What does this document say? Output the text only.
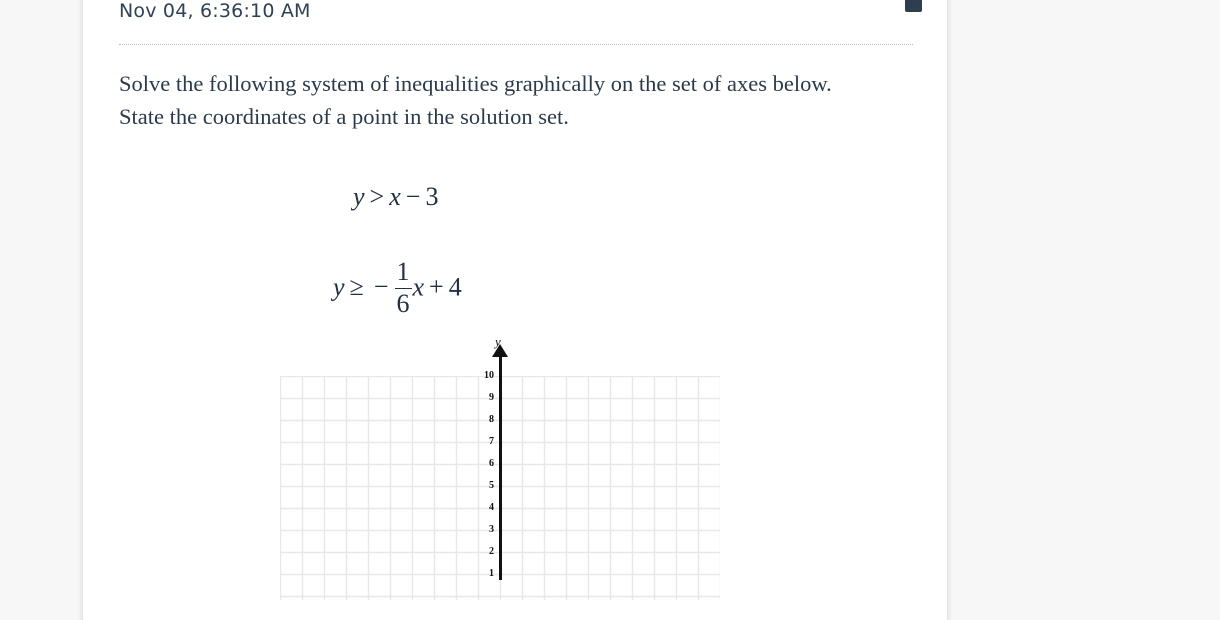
Nov 04, 6:36:10 AM
Solve the following system of inequalities graphically on the set of axes below.
State the coordinates of a point in the solution set.
y > x − 3
y ≥ − $\frac{1}{6}$ x + 4
y
10
9
8
7
6
5
4
3
2
1
